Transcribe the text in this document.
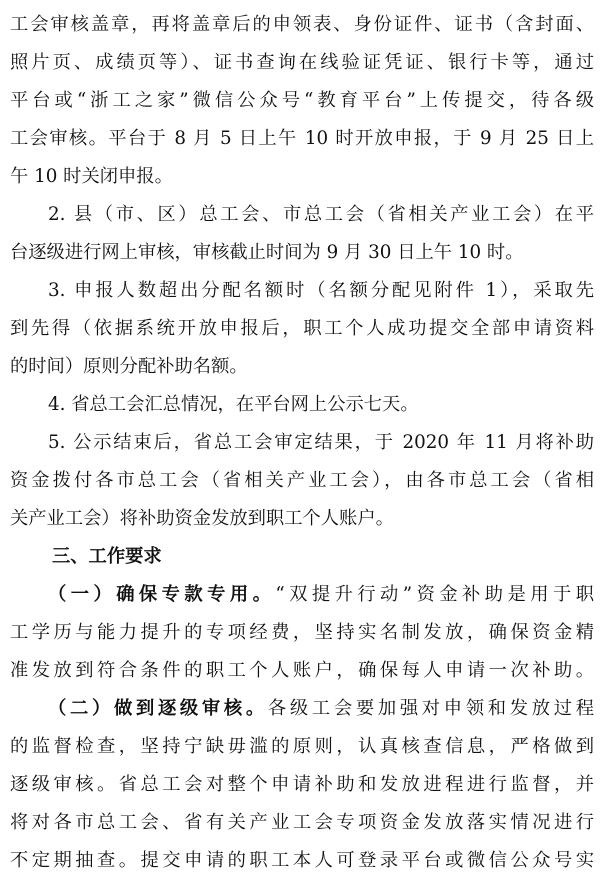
工会审核盖章，再将盖章后的申领表、身份证件、证书（含封面、
照片页、成绩页等）、证书查询在线验证凭证、银行卡等，通过
平台或“浙工之家”微信公众号“教育平台”上传提交，待各级
工会审核。平台于 8 月 5 日上午 10 时开放申报，于 9 月 25 日上
午 10 时关闭申报。
2. 县（市、区）总工会、市总工会（省相关产业工会）在平
台逐级进行网上审核，审核截止时间为 9 月 30 日上午 10 时。
3. 申报人数超出分配名额时（名额分配见附件 1），采取先
到先得（依据系统开放申报后，职工个人成功提交全部申请资料
的时间）原则分配补助名额。
4. 省总工会汇总情况，在平台网上公示七天。
5. 公示结束后，省总工会审定结果，于 2020 年 11 月将补助
资金拨付各市总工会（省相关产业工会），由各市总工会（省相
关产业工会）将补助资金发放到职工个人账户。
三、工作要求
（一）确保专款专用。“双提升行动”资金补助是用于职
工学历与能力提升的专项经费，坚持实名制发放，确保资金精
准发放到符合条件的职工个人账户，确保每人申请一次补助。
（二）做到逐级审核。各级工会要加强对申领和发放过程
的监督检查，坚持宁缺毋滥的原则，认真核查信息，严格做到
逐级审核。省总工会对整个申请补助和发放进程进行监督，并
将对各市总工会、省有关产业工会专项资金发放落实情况进行
不定期抽查。提交申请的职工本人可登录平台或微信公众号实
